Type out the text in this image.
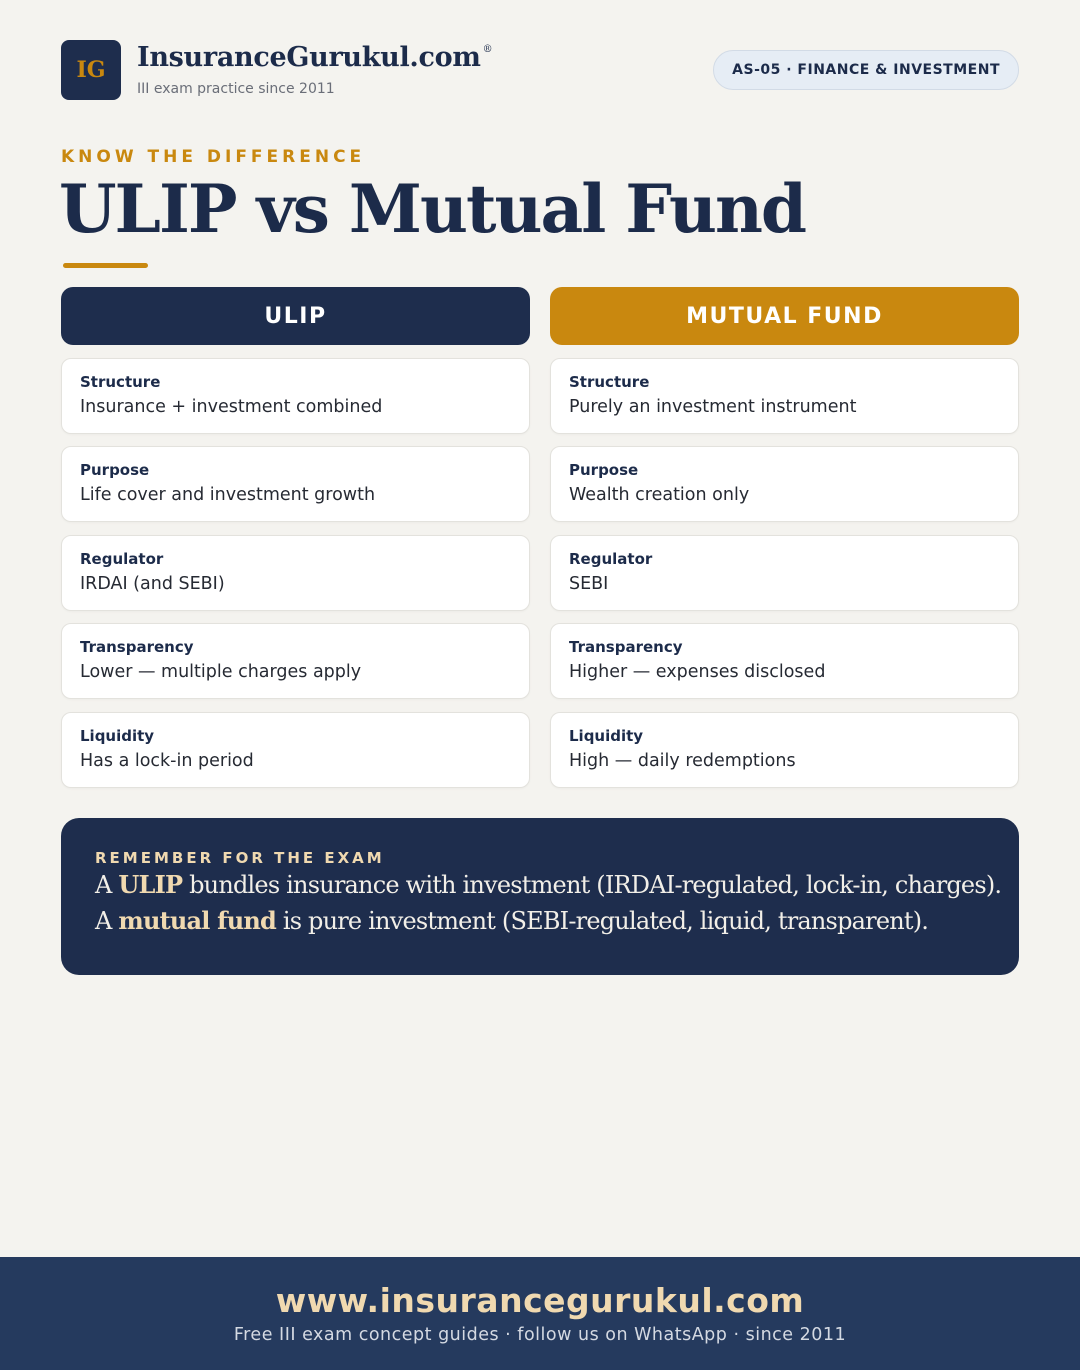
IG	InsuranceGurukul.com ®
III exam practice since 2011
AS-05 · FINANCE & INVESTMENT
KNOW THE DIFFERENCE
ULIP vs Mutual Fund
ULIP
Structure
Insurance + investment combined
Purpose
Life cover and investment growth
Regulator
IRDAI (and SEBI)
Transparency
Lower — multiple charges apply
Liquidity
Has a lock-in period
MUTUAL FUND
Structure
Purely an investment instrument
Purpose
Wealth creation only
Regulator
SEBI
Transparency
Higher — expenses disclosed
Liquidity
High — daily redemptions
REMEMBER FOR THE EXAM
A ULIP bundles insurance with investment (IRDAI-regulated, lock-in, charges).
A mutual fund is pure investment (SEBI-regulated, liquid, transparent).
www.insurancegurukul.com
Free III exam concept guides · follow us on WhatsApp · since 2011
